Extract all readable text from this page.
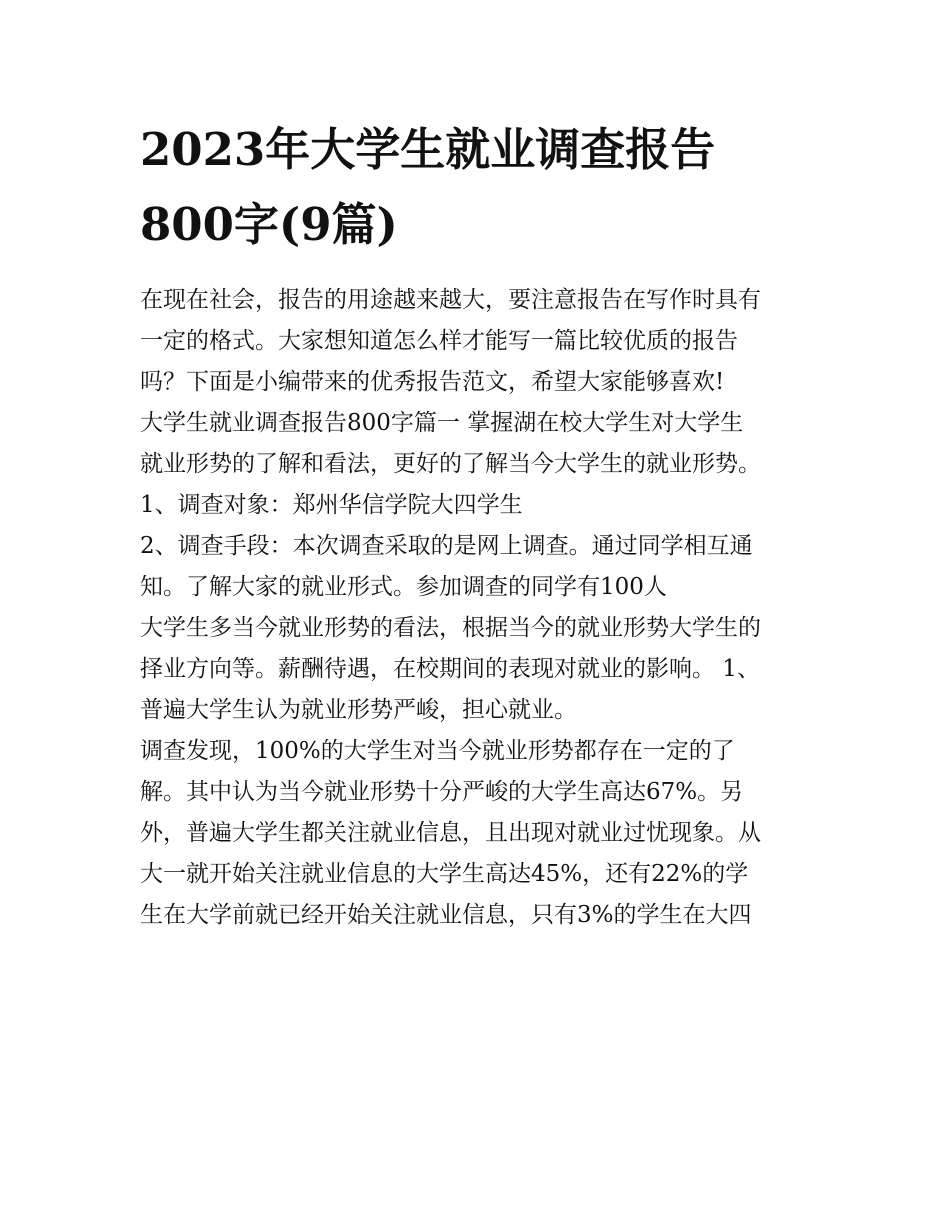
2023年大学生就业调查报告
800字(9篇)
在现在社会，报告的用途越来越大，要注意报告在写作时具有
一定的格式。大家想知道怎么样才能写一篇比较优质的报告
吗？下面是小编带来的优秀报告范文，希望大家能够喜欢!
大学生就业调查报告800字篇一 掌握湖在校大学生对大学生
就业形势的了解和看法，更好的了解当今大学生的就业形势。
1、调查对象：郑州华信学院大四学生
2、调查手段：本次调查采取的是网上调查。通过同学相互通
知。了解大家的就业形式。参加调查的同学有100人
大学生多当今就业形势的看法，根据当今的就业形势大学生的
择业方向等。薪酬待遇，在校期间的表现对就业的影响。 1、
普遍大学生认为就业形势严峻，担心就业。
调查发现，100%的大学生对当今就业形势都存在一定的了
解。其中认为当今就业形势十分严峻的大学生高达67%。另
外，普遍大学生都关注就业信息，且出现对就业过忧现象。从
大一就开始关注就业信息的大学生高达45%，还有22%的学
生在大学前就已经开始关注就业信息，只有3%的学生在大四
